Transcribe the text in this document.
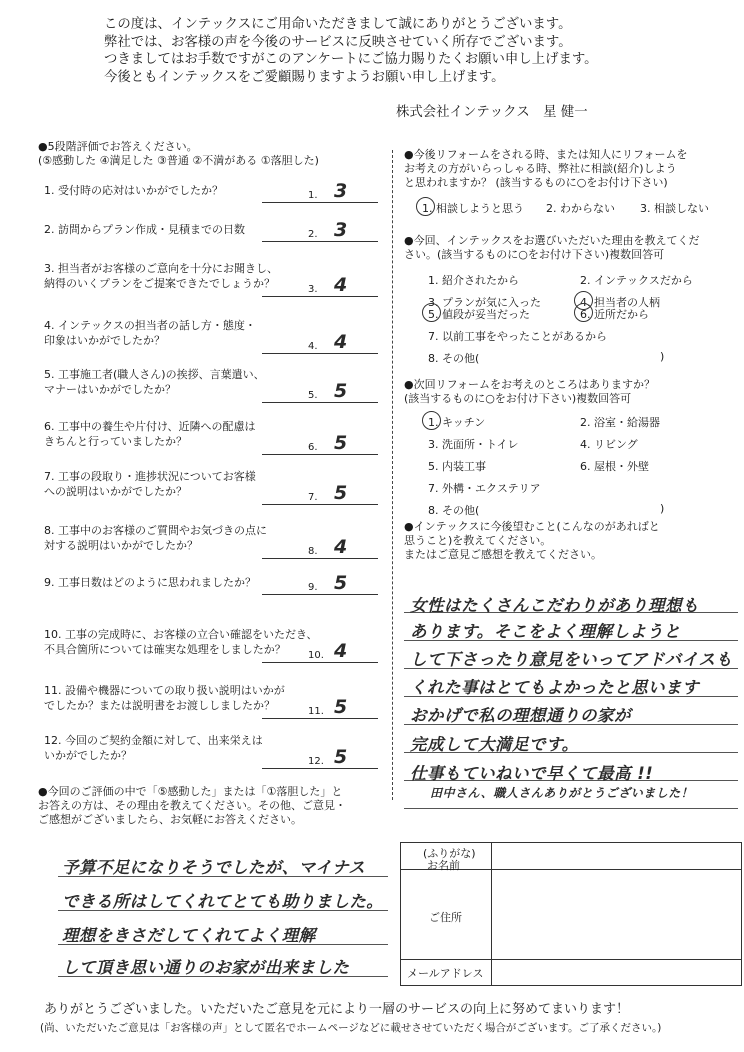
この度は、インテックスにご用命いただきまして誠にありがとうございます。
弊社では、お客様の声を今後のサービスに反映させていく所存でございます。
つきましてはお手数ですがこのアンケートにご協力賜りたくお願い申し上げます。
今後ともインテックスをご愛顧賜りますようお願い申し上げます。
株式会社インテックス　星 健一
●5段階評価でお答えください。
(⑤感動した ④満足した ③普通 ②不満がある ①落胆した)
1. 受付時の応対はいかがでしたか？	1. 3
2. 訪問からプラン作成・見積までの日数	2. 3
3. 担当者がお客様のご意向を十分にお聞きし、
納得のいくプランをご提案できたでしょうか？	3. 4
4. インテックスの担当者の話し方・態度・
印象はいかがでしたか？	4. 4
5. 工事施工者(職人さん)の挨拶、言葉遣い、
マナーはいかがでしたか？	5. 5
6. 工事中の養生や片付け、近隣への配慮は
きちんと行っていましたか？	6. 5
7. 工事の段取り・進捗状況についてお客様
への説明はいかがでしたか？	7. 5
8. 工事中のお客様のご質問やお気づきの点に
対する説明はいかがでしたか？	8. 4
9. 工事日数はどのように思われましたか？	9. 5
10. 工事の完成時に、お客様の立合い確認をいただき、
不具合箇所については確実な処理をしましたか？	10. 4
11. 設備や機器についての取り扱い説明はいかが
でしたか？または説明書をお渡ししましたか？	11. 5
12. 今回のご契約金額に対して、出来栄えは
いかがでしたか？	12. 5
●今後リフォームをされる時、または知人にリフォームを
お考えの方がいらっしゃる時、弊社に相談(紹介)しよう
と思われますか？ (該当するものに○をお付け下さい)
1. 相談しようと思う 2. わからない 3. 相談しない
●今回、インテックスをお選びいただいた理由を教えてくだ
さい。(該当するものに○をお付け下さい)複数回答可
1. 紹介されたから	2. インテックスだから
3. プランが気に入った	4. 担当者の人柄
5. 値段が妥当だった	6. 近所だから
7. 以前工事をやったことがあるから
8. その他(	)
●次回リフォームをお考えのところはありますか？
(該当するものに○をお付け下さい)複数回答可
1. キッチン	2. 浴室・給湯器
3. 洗面所・トイレ	4. リビング
5. 内装工事	6. 屋根・外壁
7. 外構・エクステリア
8. その他(	)
●インテックスに今後望むこと(こんなのがあればと
思うこと)を教えてください。
またはご意見ご感想を教えてください。
女性はたくさんこだわりがあり理想も
あります。そこをよく理解しようと
して下さったり意見をいってアドバイスも
くれた事はとてもよかったと思います
おかげで私の理想通りの家が
完成して大満足です。
仕事もていねいで早くて最高 !!
田中さん、職人さんありがとうございました！
●今回のご評価の中で「⑤感動した」または「①落胆した」と
お答えの方は、その理由を教えてください。その他、ご意見・
ご感想がございましたら、お気軽にお答えください。
予算不足になりそうでしたが、マイナス
できる所はしてくれてとても助りました。
理想をきさだしてくれてよく理解
して頂き思い通りのお家が出来ました
(ふりがな)
お名前
ご住所
メールアドレス
ありがとうございました。いただいたご意見を元により一層のサービスの向上に努めてまいります！
(尚、いただいたご意見は「お客様の声」として匿名でホームページなどに載せさせていただく場合がございます。ご了承ください。)
